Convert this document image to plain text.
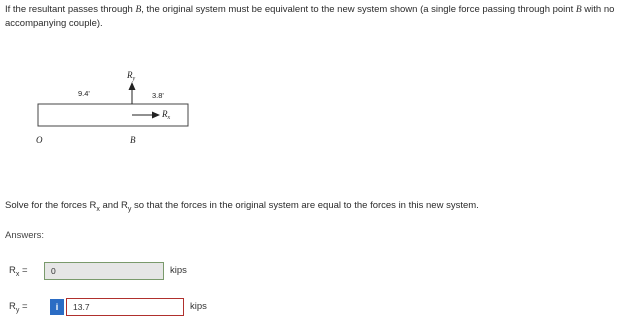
If the resultant passes through B, the original system must be equivalent to the new system shown (a single force passing through point B with no accompanying couple).

9.4'	3.8'
$R_y$
$R_x$
O	B

Solve for the forces $R_x$ and $R_y$ so that the forces in the original system are equal to the forces in this new system.

Answers:
$R_x$ =	0	kips
$R_y$ =	i	13.7	kips
